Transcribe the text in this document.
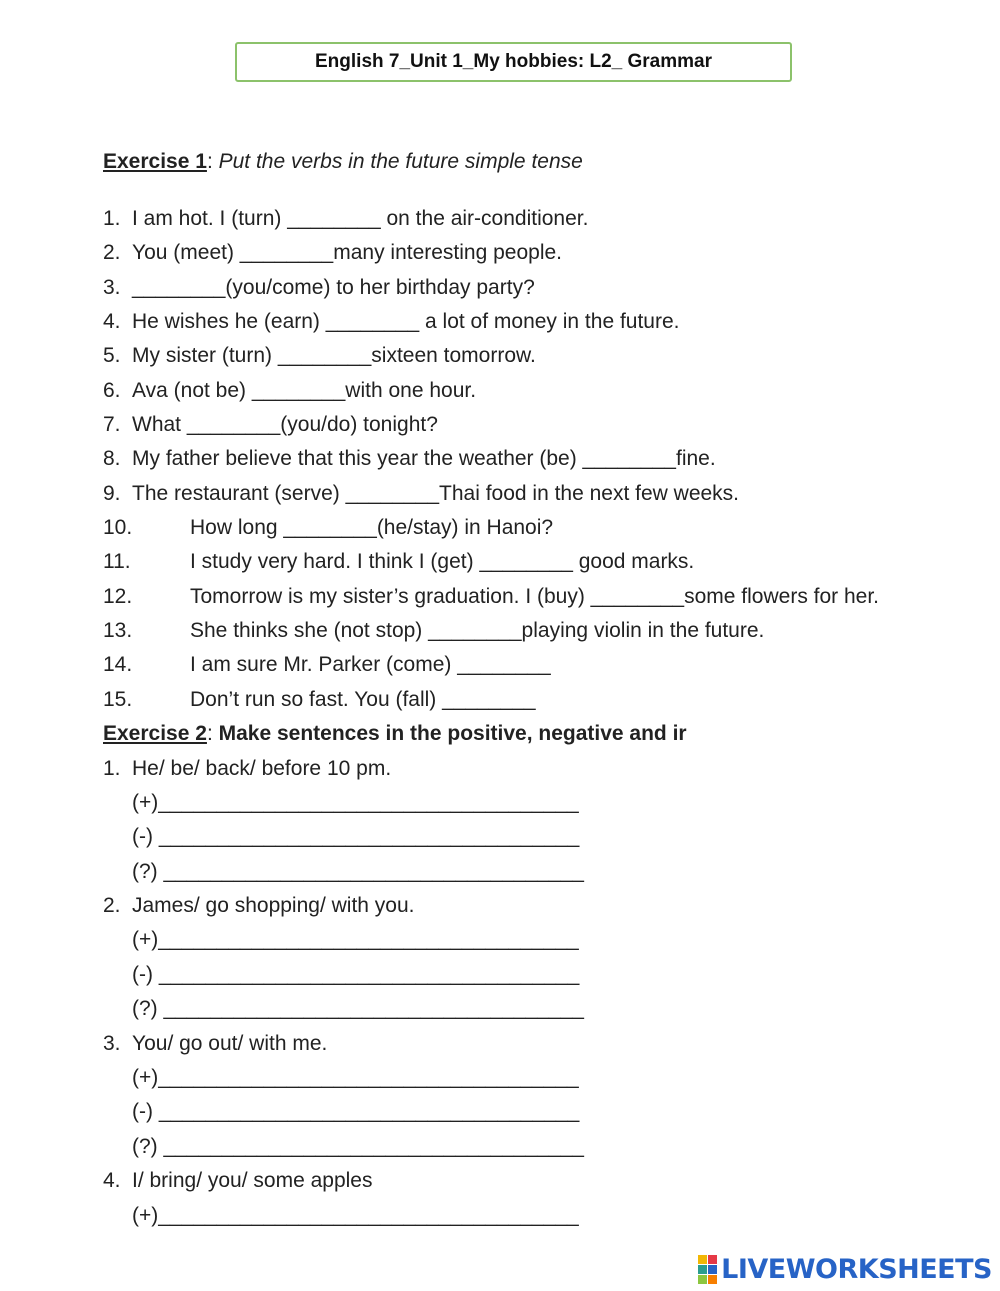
English 7_Unit 1_My hobbies: L2_ Grammar
Exercise 1: Put the verbs in the future simple tense
1. I am hot. I (turn) ________ on the air-conditioner.
2. You (meet) ________many interesting people.
3. ________(you/come) to her birthday party?
4. He wishes he (earn) ________ a lot of money in the future.
5. My sister (turn) ________sixteen tomorrow.
6. Ava (not be) ________with one hour.
7. What ________(you/do) tonight?
8. My father believe that this year the weather (be) ________fine.
9. The restaurant (serve) ________Thai food in the next few weeks.
10.	How long ________(he/stay) in Hanoi?
11.	I study very hard. I think I (get) ________ good marks.
12.	Tomorrow is my sister’s graduation. I (buy) ________some flowers for her.
13.	She thinks she (not stop) ________playing violin in the future.
14.	I am sure Mr. Parker (come) ________
15.	Don’t run so fast. You (fall) ________
Exercise 2: Make sentences in the positive, negative and ir
1. He/ be/ back/ before 10 pm.
(+)____________________________________
(-) ____________________________________
(?) ____________________________________
2. James/ go shopping/ with you.
(+)____________________________________
(-) ____________________________________
(?) ____________________________________
3. You/ go out/ with me.
(+)____________________________________
(-) ____________________________________
(?) ____________________________________
4. I/ bring/ you/ some apples
(+)____________________________________
LIVEWORKSHEETS
